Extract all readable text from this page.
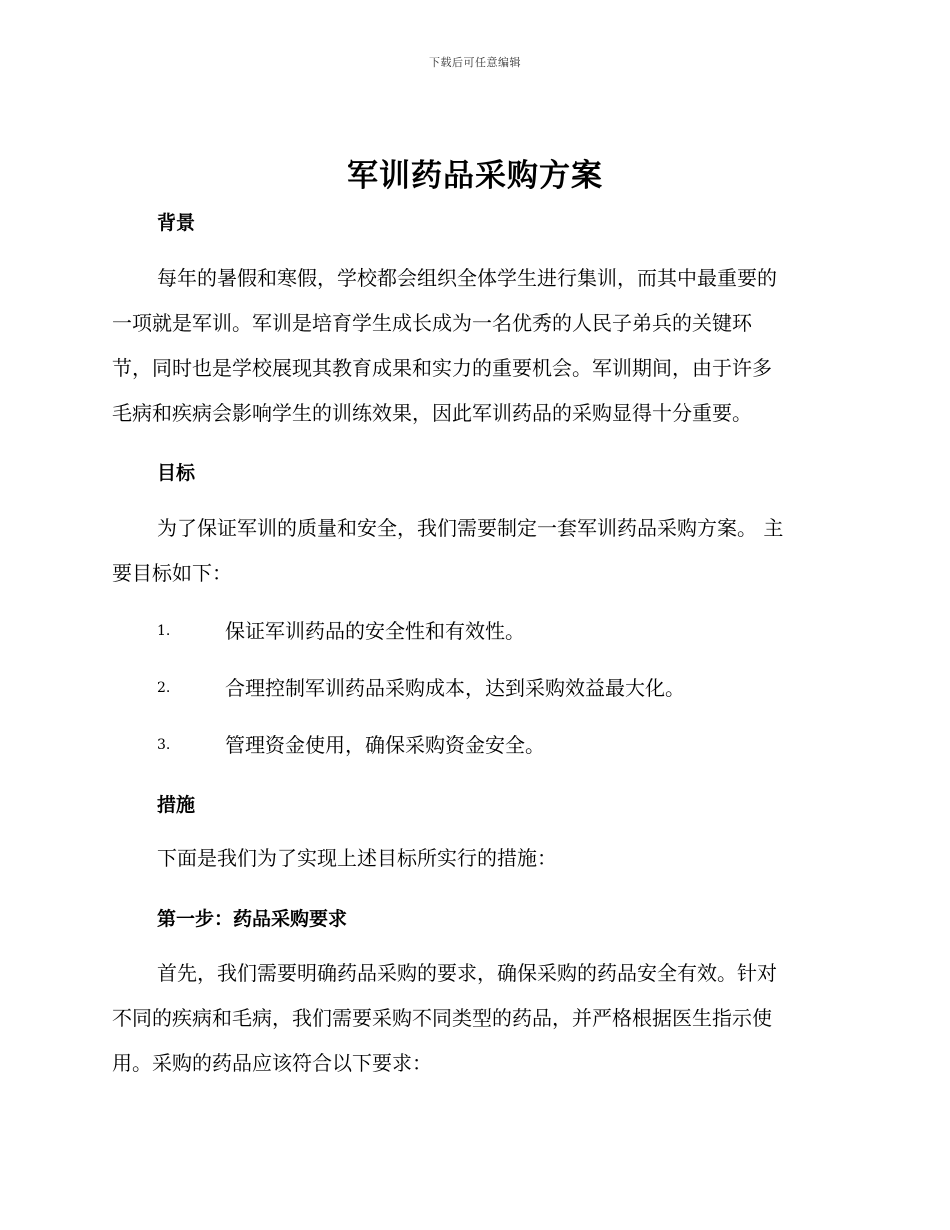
下载后可任意编辑
军训药品采购方案
背景
每年的暑假和寒假，学校都会组织全体学生进行集训，而其中最重要的
一项就是军训。军训是培育学生成长成为一名优秀的人民子弟兵的关键环
节，同时也是学校展现其教育成果和实力的重要机会。军训期间，由于许多
毛病和疾病会影响学生的训练效果，因此军训药品的采购显得十分重要。
目标
为了保证军训的质量和安全，我们需要制定一套军训药品采购方案。 主
要目标如下：
1.	保证军训药品的安全性和有效性。
2.	合理控制军训药品采购成本，达到采购效益最大化。
3.	管理资金使用，确保采购资金安全。
措施
下面是我们为了实现上述目标所实行的措施：
第一步：药品采购要求
首先，我们需要明确药品采购的要求，确保采购的药品安全有效。针对
不同的疾病和毛病，我们需要采购不同类型的药品，并严格根据医生指示使
用。采购的药品应该符合以下要求：
